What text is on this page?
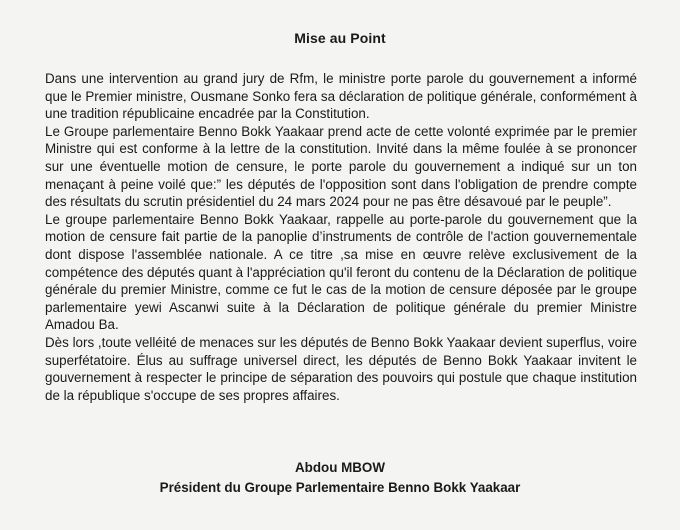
Mise au Point

Dans une intervention au grand jury de Rfm, le ministre porte parole du gouvernement a informé que le Premier ministre, Ousmane Sonko fera sa déclaration de politique générale, conformément à une tradition républicaine encadrée par la Constitution.

Le Groupe parlementaire Benno Bokk Yaakaar prend acte de cette volonté exprimée par le premier Ministre qui est conforme à la lettre de la constitution. Invité dans la même foulée à se prononcer sur une éventuelle motion de censure, le porte parole du gouvernement a indiqué sur un ton menaçant à peine voilé que:” les députés de l'opposition sont dans l'obligation de prendre compte des résultats du scrutin présidentiel du 24 mars 2024 pour ne pas être désavoué par le peuple”.

Le groupe parlementaire Benno Bokk Yaakaar, rappelle au porte-parole du gouvernement que la motion de censure fait partie de la panoplie d’instruments de contrôle de l'action gouvernementale dont dispose l'assemblée nationale. A ce titre ,sa mise en œuvre relève exclusivement de la compétence des députés quant à l'appréciation qu'il feront du contenu de la Déclaration de politique générale du premier Ministre, comme ce fut le cas de la motion de censure déposée par le groupe parlementaire yewi Ascanwi suite à la Déclaration de politique générale du premier Ministre Amadou Ba.

Dès lors ,toute velléité de menaces sur les députés de Benno Bokk Yaakaar devient superflus, voire superfétatoire. Élus au suffrage universel direct, les députés de Benno Bokk Yaakaar invitent le gouvernement à respecter le principe de séparation des pouvoirs qui postule que chaque institution de la république s'occupe de ses propres affaires.

Abdou MBOW
Président du Groupe Parlementaire Benno Bokk Yaakaar
